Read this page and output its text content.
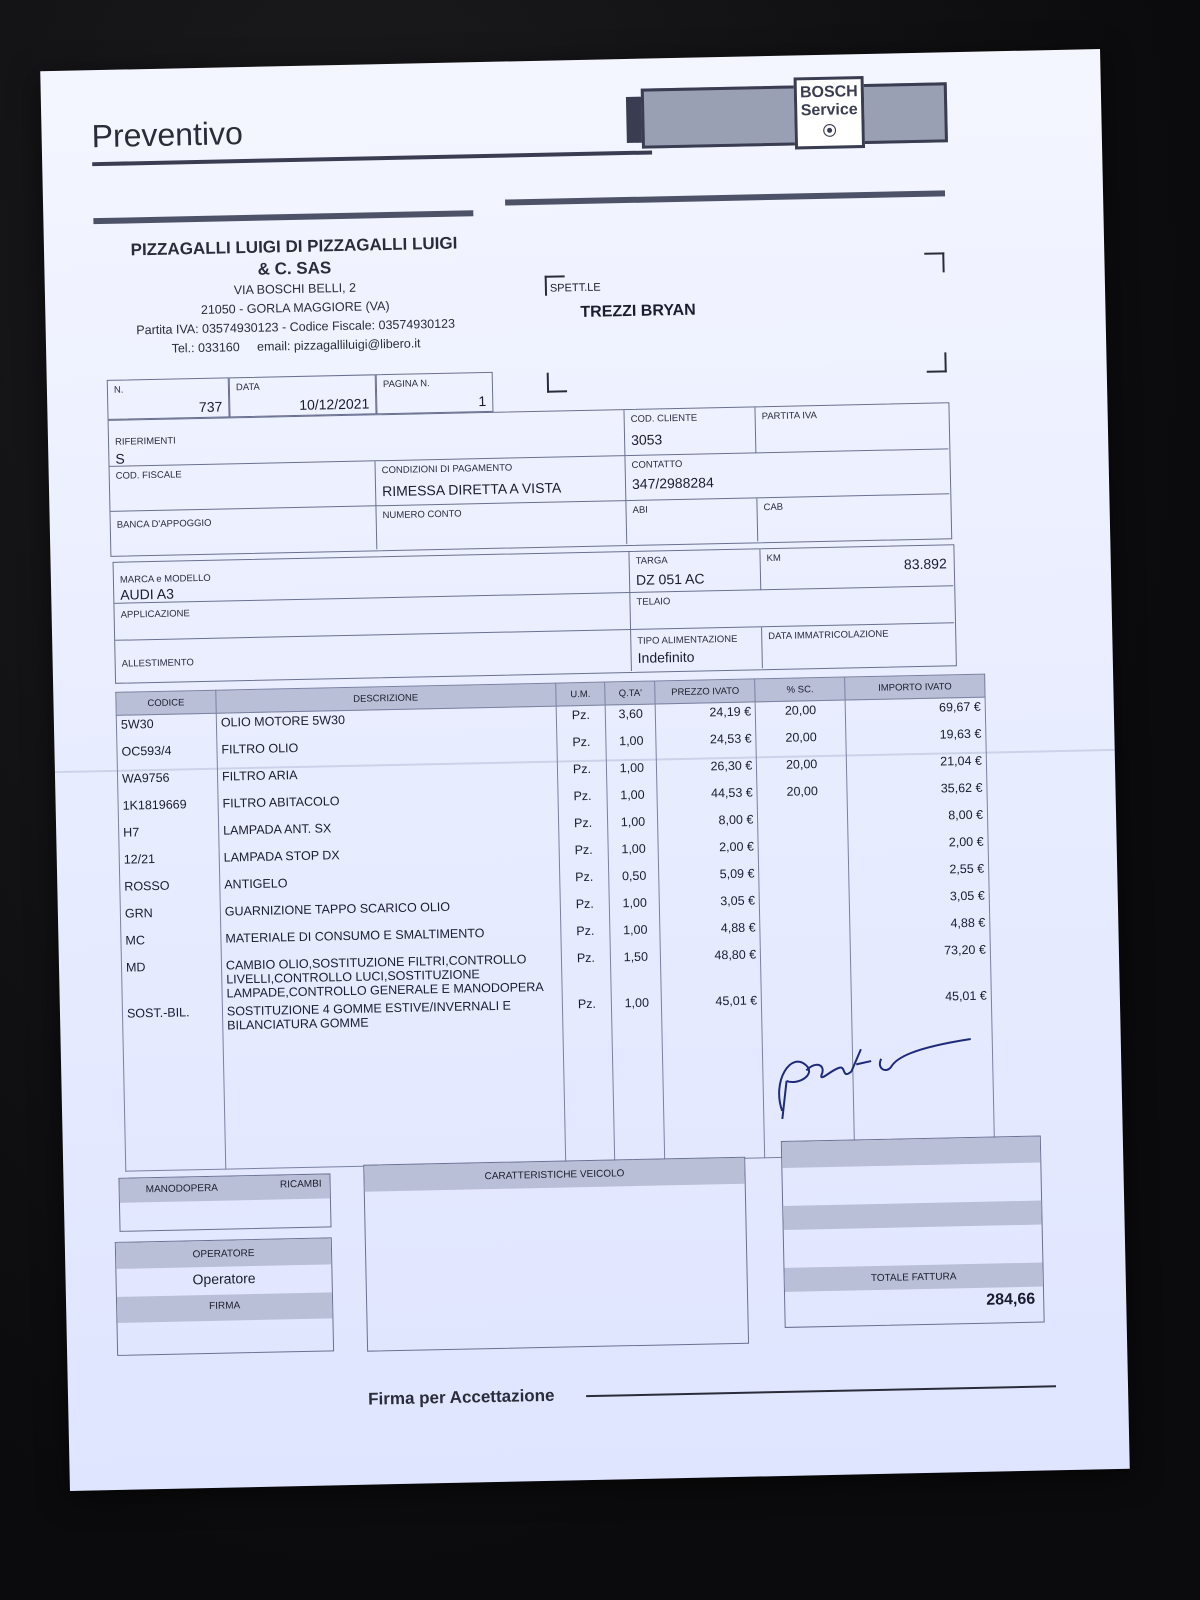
Preventivo
BOSCH
Service
⦿
PIZZAGALLI LUIGI DI PIZZAGALLI LUIGI
& C. SAS
VIA BOSCHI BELLI, 2
21050 - GORLA MAGGIORE (VA)
Partita IVA: 03574930123 - Codice Fiscale: 03574930123
Tel.: 033160 email: pizzagalliluigi@libero.it
SPETT.LE
TREZZI BRYAN
N.
737
DATA
10/12/2021
PAGINA N.
1
RIFERIMENTI
S
COD. CLIENTE
3053
PARTITA IVA
COD. FISCALE	CONDIZIONI DI PAGAMENTO
RIMESSA DIRETTA A VISTA
CONTATTO
347/2988284
BANCA D'APPOGGIO
NUMERO CONTO	ABI	CAB
MARCA e MODELLO
AUDI A3
TARGA
DZ 051 AC
KM	83.892
APPLICAZIONE
TELAIO
ALLESTIMENTO
TIPO ALIMENTAZIONE
Indefinito
DATA IMMATRICOLAZIONE
CODICE	DESCRIZIONE	U.M.	Q.TA'	PREZZO IVATO	% SC.	IMPORTO IVATO
5W30	OLIO MOTORE 5W30	Pz.	3,60	24,19 €	20,00	69,67 €
OC593/4	FILTRO OLIO	Pz.	1,00	24,53 €	20,00	19,63 €
WA9756	FILTRO ARIA	Pz.	1,00	26,30 €	20,00	21,04 €
1K1819669	FILTRO ABITACOLO	Pz.	1,00	44,53 €	20,00	35,62 €
H7	LAMPADA ANT. SX	Pz.	1,00	8,00 €		8,00 €
12/21	LAMPADA STOP DX	Pz.	1,00	2,00 €		2,00 €
ROSSO	ANTIGELO	Pz.	0,50	5,09 €		2,55 €
GRN	GUARNIZIONE TAPPO SCARICO OLIO	Pz.	1,00	3,05 €		3,05 €
MC	MATERIALE DI CONSUMO E SMALTIMENTO	Pz.	1,00	4,88 €		4,88 €
MD	CAMBIO OLIO,SOSTITUZIONE FILTRI,CONTROLLO
LIVELLI,CONTROLLO LUCI,SOSTITUZIONE
LAMPADE,CONTROLLO GENERALE E MANODOPERA	Pz.	1,50	48,80 €		73,20 €
SOST.-BIL.	SOSTITUZIONE 4 GOMME ESTIVE/INVERNALI E
BILANCIATURA GOMME	Pz.	1,00	45,01 €		45,01 €

MANODOPERA	RICAMBI
OPERATORE
Operatore
FIRMA
CARATTERISTICHE VEICOLO
TOTALE FATTURA
284,66
Firma per Accettazione
